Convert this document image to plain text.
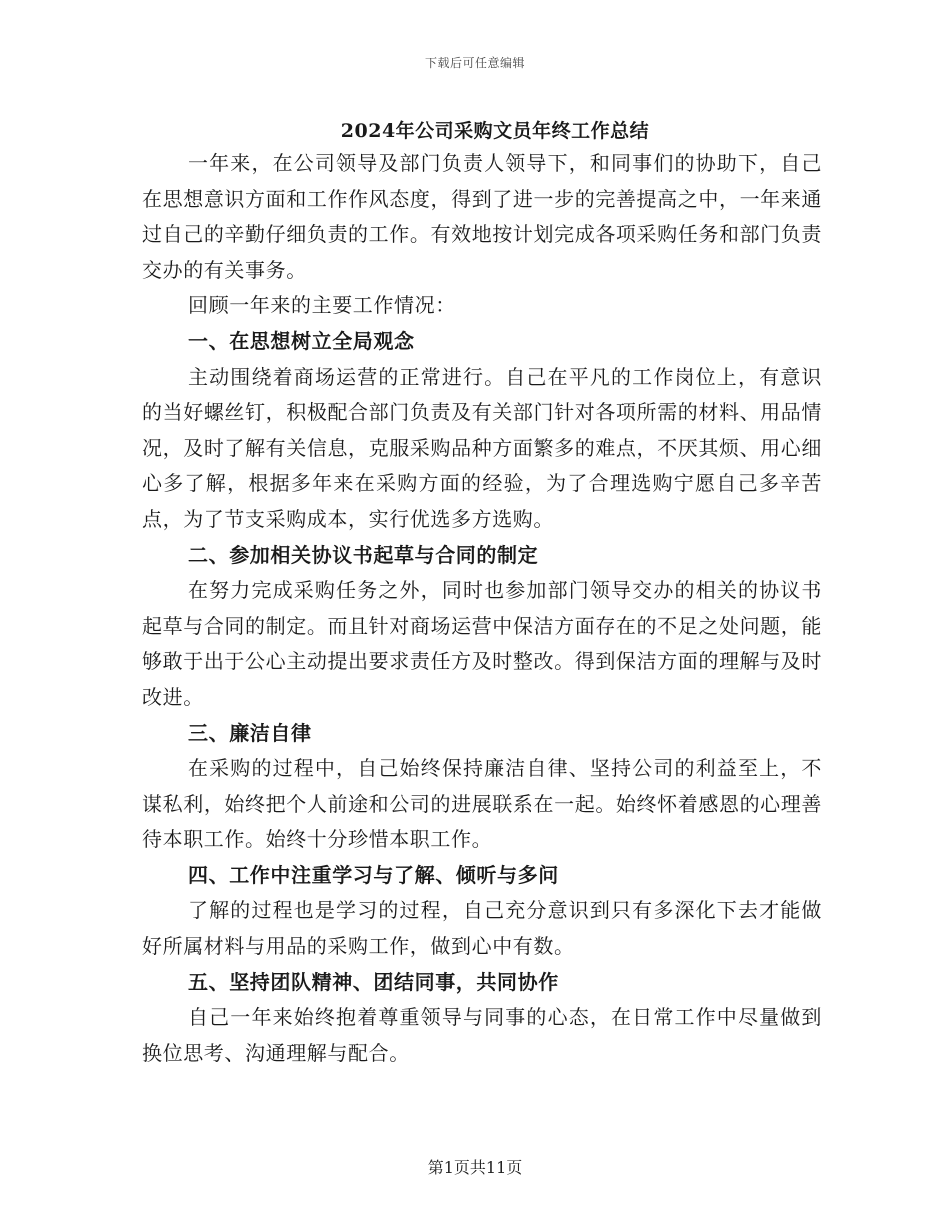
下载后可任意编辑
2024年公司采购文员年终工作总结

一年来，在公司领导及部门负责人领导下，和同事们的协助下，自己在思想意识方面和工作作风态度，得到了进一步的完善提高之中，一年来通过自己的辛勤仔细负责的工作。有效地按计划完成各项采购任务和部门负责交办的有关事务。

回顾一年来的主要工作情况：

一、在思想树立全局观念

主动围绕着商场运营的正常进行。自己在平凡的工作岗位上，有意识的当好螺丝钉，积极配合部门负责及有关部门针对各项所需的材料、用品情况，及时了解有关信息，克服采购品种方面繁多的难点，不厌其烦、用心细心多了解，根据多年来在采购方面的经验，为了合理选购宁愿自己多辛苦点，为了节支采购成本，实行优选多方选购。

二、参加相关协议书起草与合同的制定

在努力完成采购任务之外，同时也参加部门领导交办的相关的协议书起草与合同的制定。而且针对商场运营中保洁方面存在的不足之处问题，能够敢于出于公心主动提出要求责任方及时整改。得到保洁方面的理解与及时改进。

三、廉洁自律

在采购的过程中，自己始终保持廉洁自律、坚持公司的利益至上，不谋私利，始终把个人前途和公司的进展联系在一起。始终怀着感恩的心理善待本职工作。始终十分珍惜本职工作。

四、工作中注重学习与了解、倾听与多问

了解的过程也是学习的过程，自己充分意识到只有多深化下去才能做好所属材料与用品的采购工作，做到心中有数。

五、坚持团队精神、团结同事，共同协作

自己一年来始终抱着尊重领导与同事的心态，在日常工作中尽量做到换位思考、沟通理解与配合。

第1页共11页
